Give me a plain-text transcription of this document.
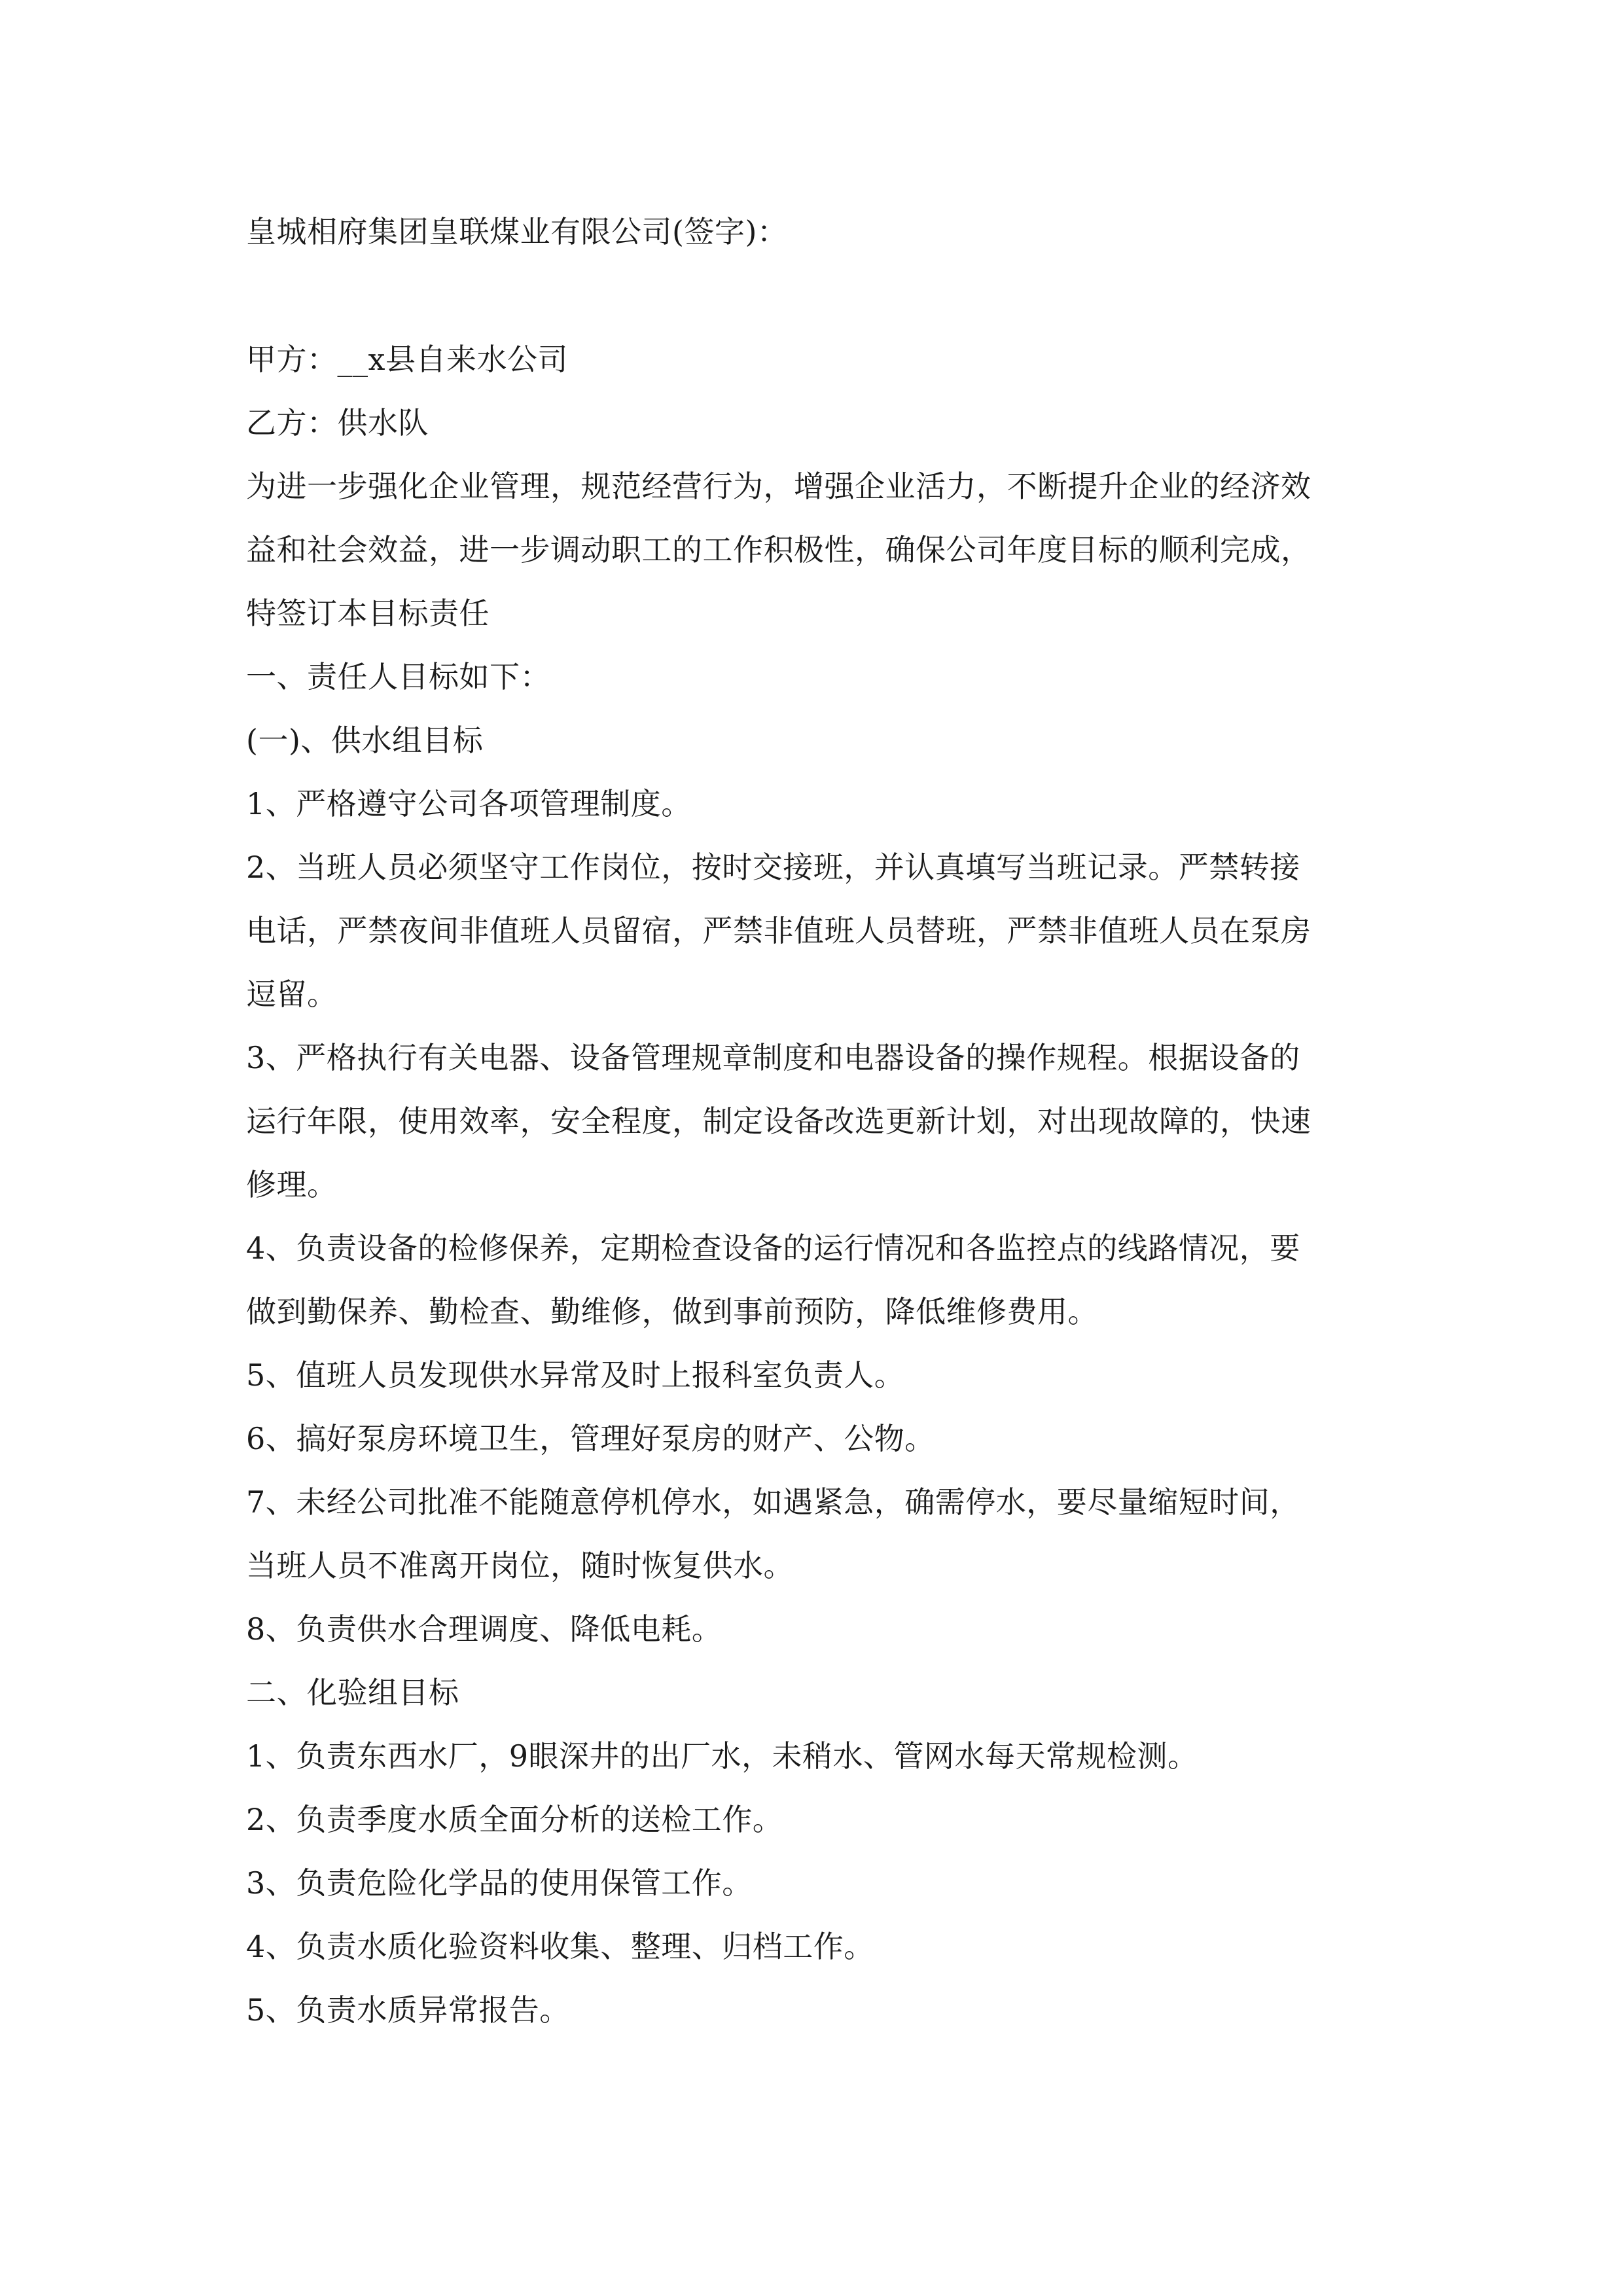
皇城相府集团皇联煤业有限公司(签字)：
甲方：__x县自来水公司
乙方：供水队
为进一步强化企业管理，规范经营行为，增强企业活力，不断提升企业的经济效
益和社会效益，进一步调动职工的工作积极性，确保公司年度目标的顺利完成，
特签订本目标责任
一、责任人目标如下：
(一)、供水组目标
1、严格遵守公司各项管理制度。
2、当班人员必须坚守工作岗位，按时交接班，并认真填写当班记录。严禁转接
电话，严禁夜间非值班人员留宿，严禁非值班人员替班，严禁非值班人员在泵房
逗留。
3、严格执行有关电器、设备管理规章制度和电器设备的操作规程。根据设备的
运行年限，使用效率，安全程度，制定设备改选更新计划，对出现故障的，快速
修理。
4、负责设备的检修保养，定期检查设备的运行情况和各监控点的线路情况，要
做到勤保养、勤检查、勤维修，做到事前预防，降低维修费用。
5、值班人员发现供水异常及时上报科室负责人。
6、搞好泵房环境卫生，管理好泵房的财产、公物。
7、未经公司批准不能随意停机停水，如遇紧急，确需停水，要尽量缩短时间，
当班人员不准离开岗位，随时恢复供水。
8、负责供水合理调度、降低电耗。
二、化验组目标
1、负责东西水厂，9眼深井的出厂水，未稍水、管网水每天常规检测。
2、负责季度水质全面分析的送检工作。
3、负责危险化学品的使用保管工作。
4、负责水质化验资料收集、整理、归档工作。
5、负责水质异常报告。
